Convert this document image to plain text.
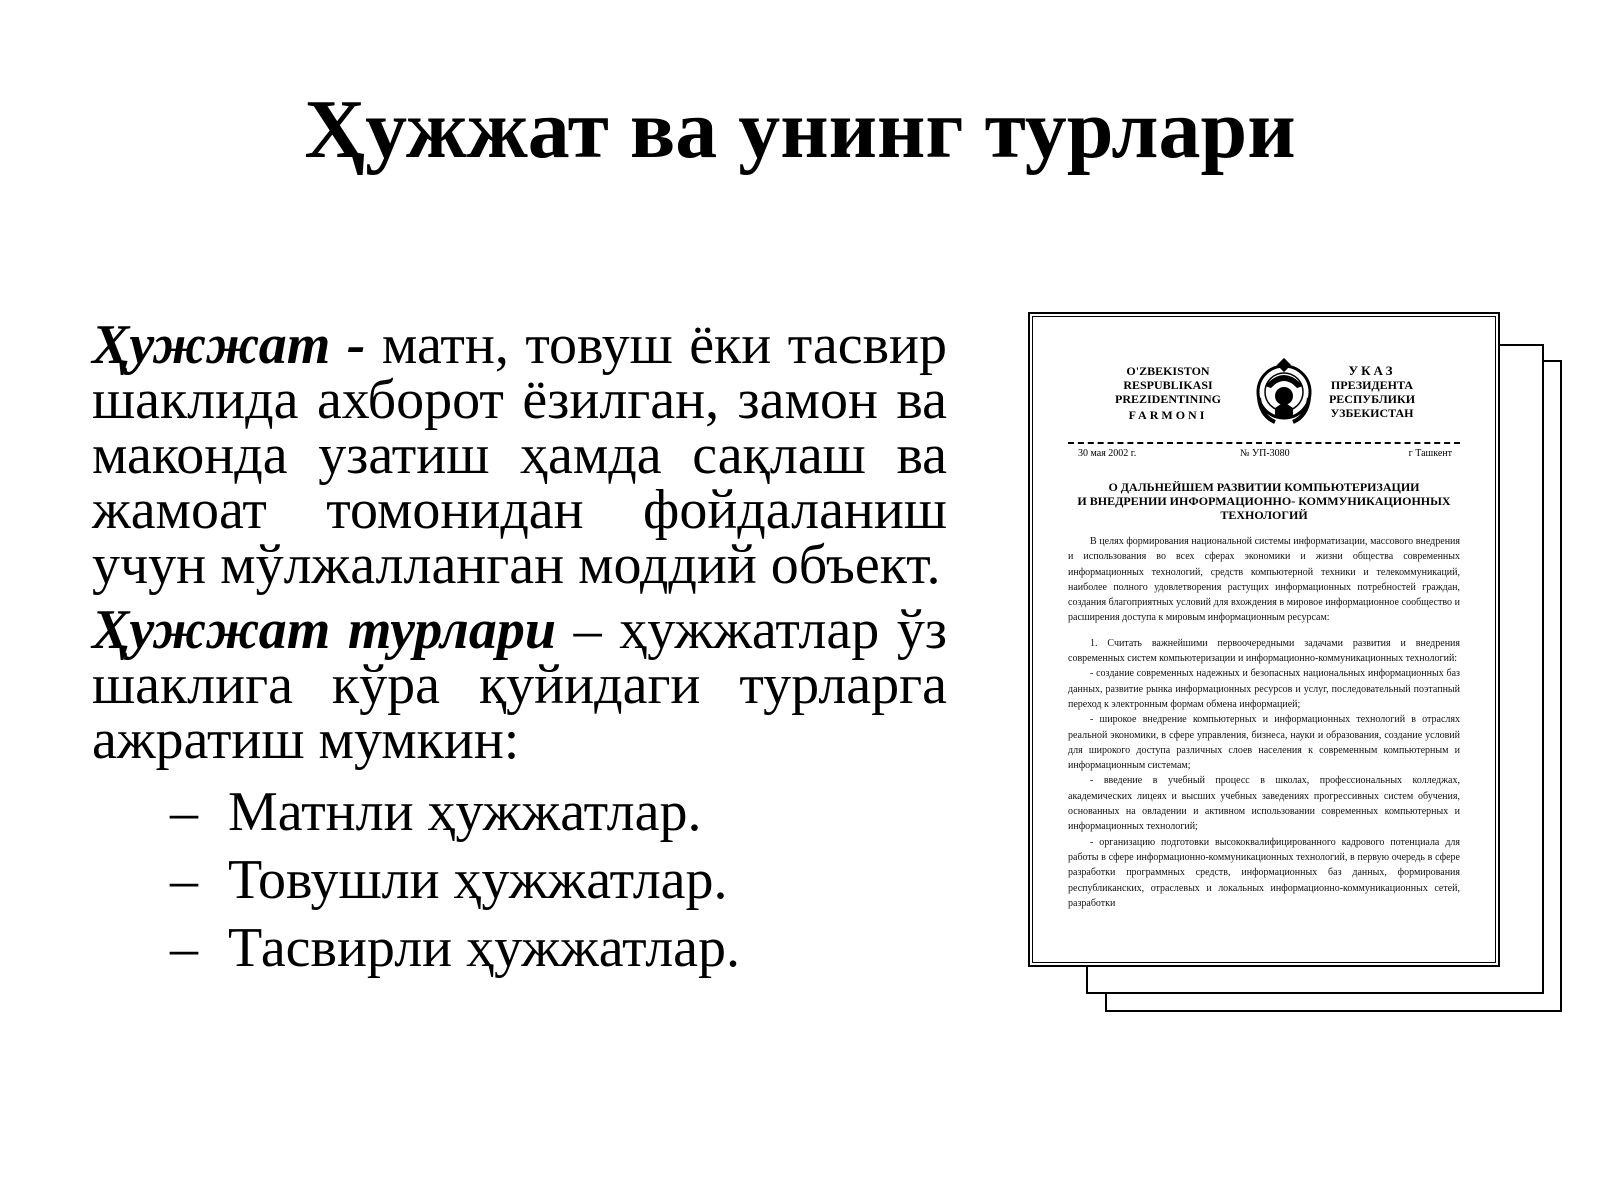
Ҳужжат ва унинг турлари

Ҳужжат - матн, товуш ёки тасвир шаклида ахборот ёзилган, замон ва маконда узатиш ҳамда сақлаш ва жамоат томонидан фойдаланиш учун мўлжалланган моддий объект.

Ҳужжат турлари – ҳужжатлар ўз шаклига кўра қуйидаги турларга ажратиш мумкин:

– Матнли ҳужжатлар.
– Товушли ҳужжатлар.
– Тасвирли ҳужжатлар.
O'ZBEKISTON
RESPUBLIKASI
PREZIDENTINING
FARMONI
УКАЗ
ПРЕЗИДЕНТА
РЕСПУБЛИКИ
УЗБЕКИСТАН
30 мая 2002 г.	№ УП-3080	г Ташкент
О ДАЛЬНЕЙШЕМ РАЗВИТИИ КОМПЬЮТЕРИЗАЦИИ
И ВНЕДРЕНИИ ИНФОРМАЦИОННО- КОММУНИКАЦИОННЫХ
ТЕХНОЛОГИЙ

В целях формирования национальной системы информатизации, массового внедрения и использования во всех сферах экономики и жизни общества современных информационных технологий, средств компьютерной техники и телекоммуникаций, наиболее полного удовлетворения растущих информационных потребностей граждан, создания благоприятных условий для вхождения в мировое информационное сообщество и расширения доступа к мировым информационным ресурсам:

1. Считать важнейшими первоочередными задачами развития и внедрения современных систем компьютеризации и информационно-коммуникационных технологий:

- создание современных надежных и безопасных национальных информационных баз данных, развитие рынка информационных ресурсов и услуг, последовательный поэтапный переход к электронным формам обмена информацией;

- широкое внедрение компьютерных и информационных технологий в отраслях реальной экономики, в сфере управления, бизнеса, науки и образования, создание условий для широкого доступа различных слоев населения к современным компьютерным и информационным системам;

- введение в учебный процесс в школах, профессиональных колледжах, академических лицеях и высших учебных заведениях прогрессивных систем обучения, основанных на овладении и активном использовании современных компьютерных и информационных технологий;

- организацию подготовки высококвалифицированного кадрового потенциала для работы в сфере информационно-коммуникационных технологий, в первую очередь в сфере разработки программных средств, информационных баз данных, формирования республиканских, отраслевых и локальных информационно-коммуникационных сетей, разработки
